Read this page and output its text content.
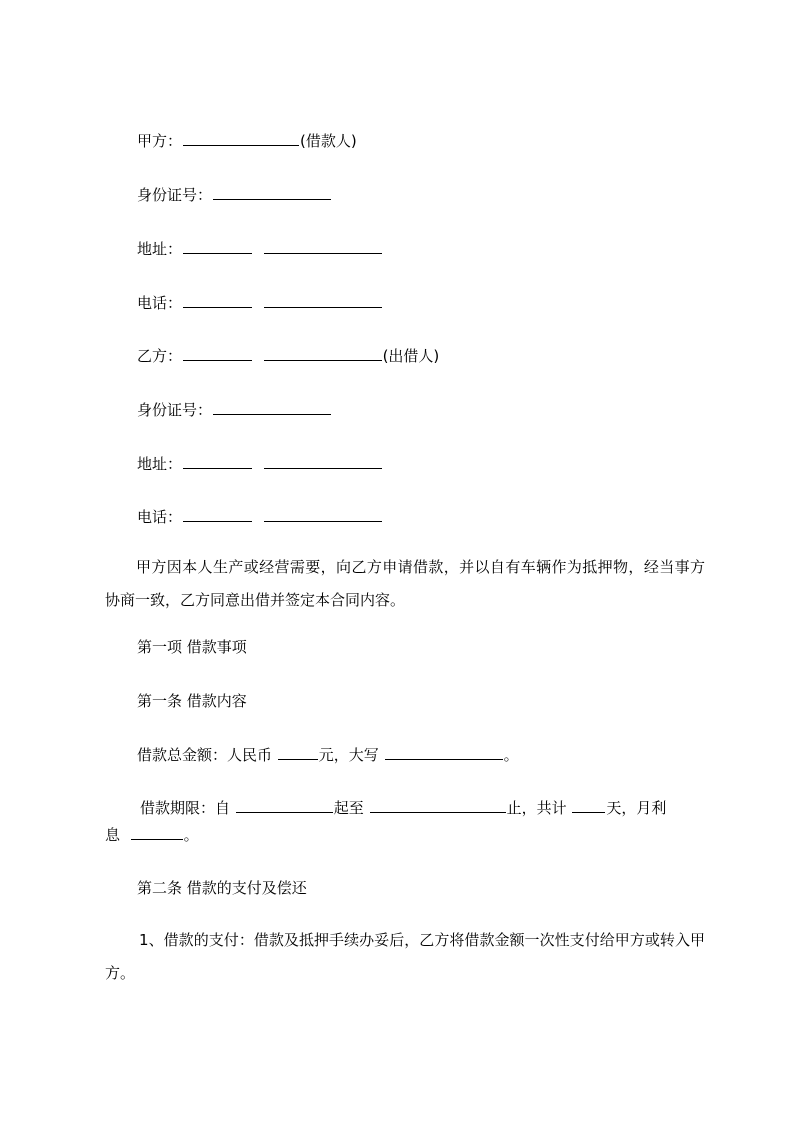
甲方：	(借款人)
身份证号：
地址：
电话：
乙方：	(出借人)
身份证号：
地址：
电话：
甲方因本人生产或经营需要，向乙方申请借款，并以自有车辆作为抵押物，经当事方协商一致，乙方同意出借并签定本合同内容。
第一项 借款事项
第一条 借款内容
借款总金额：人民币	元，大写	。
借款期限：自	起至	止，共计	天，月利
息	。
第二条 借款的支付及偿还
1、借款的支付：借款及抵押手续办妥后，乙方将借款金额一次性支付给甲方或转入甲方。
